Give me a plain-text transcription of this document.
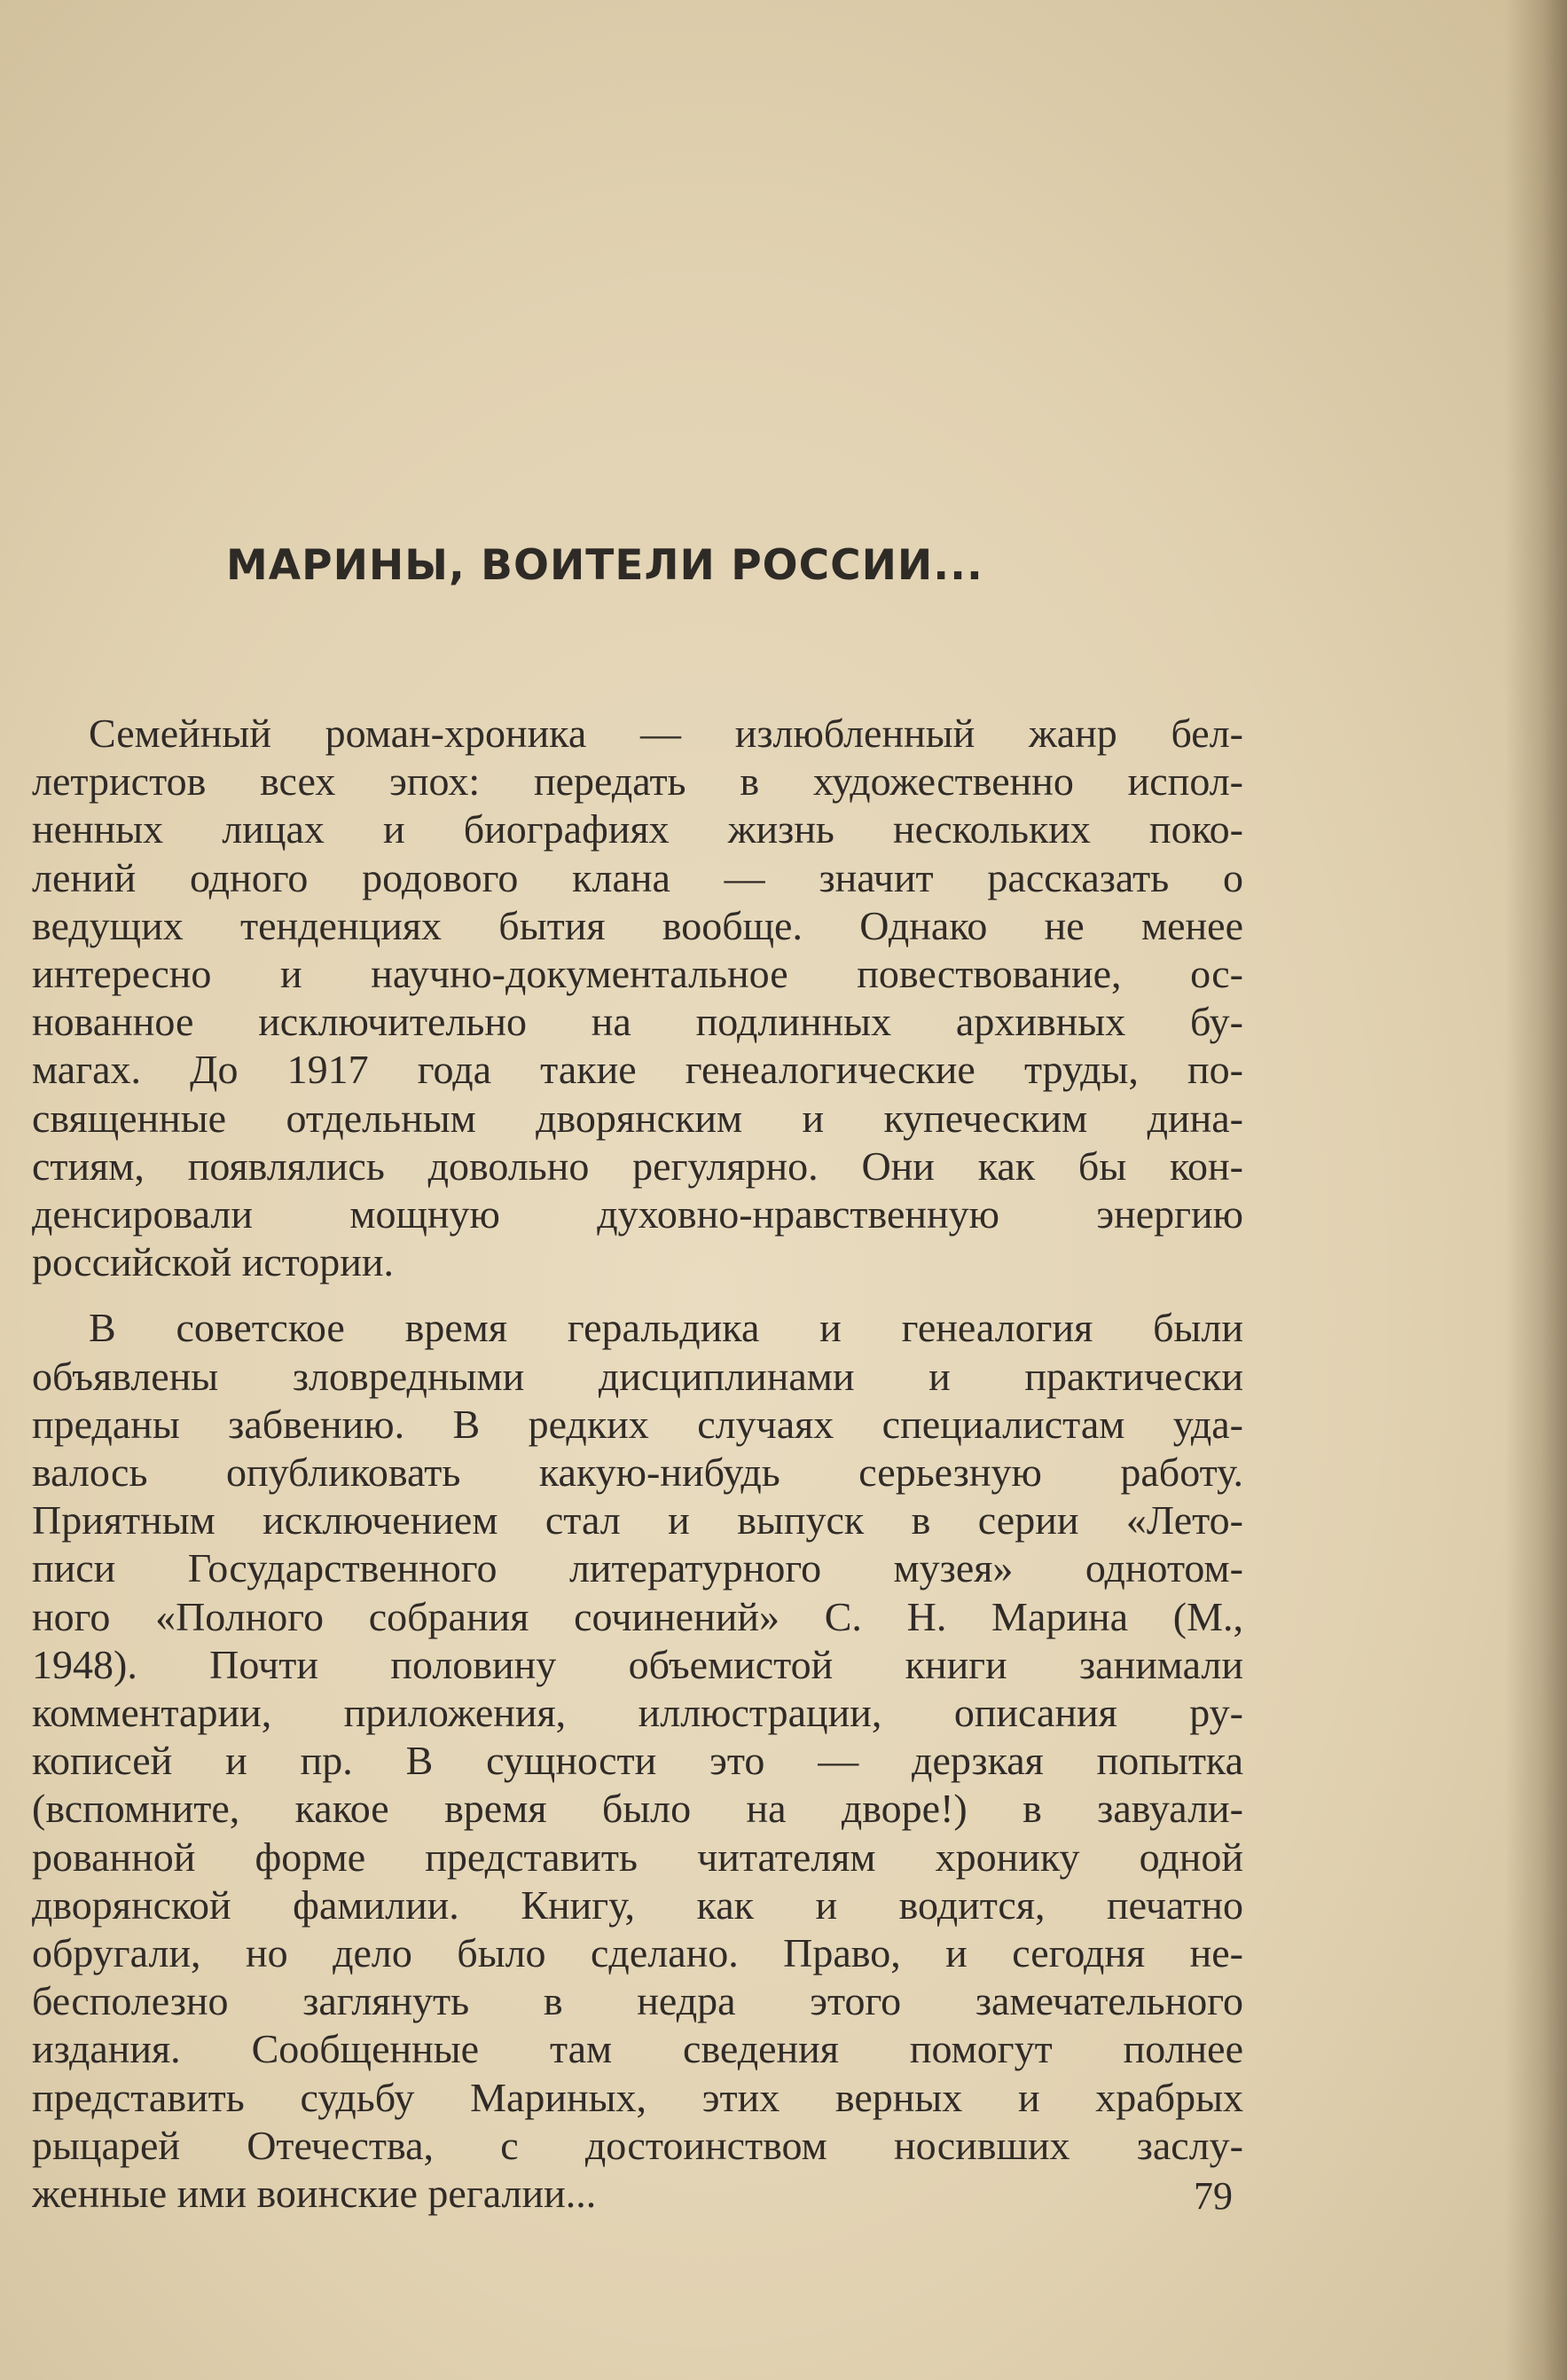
МАРИНЫ, ВОИТЕЛИ РОССИИ...

Семейный роман-хроника — излюбленный жанр бел-
летристов всех эпох: передать в художественно испол-
ненных лицах и биографиях жизнь нескольких поко-
лений одного родового клана — значит рассказать о
ведущих тенденциях бытия вообще. Однако не менее
интересно и научно-документальное повествование, ос-
нованное исключительно на подлинных архивных бу-
магах. До 1917 года такие генеалогические труды, по-
священные отдельным дворянским и купеческим дина-
стиям, появлялись довольно регулярно. Они как бы кон-
денсировали мощную духовно-нравственную энергию
российской истории.

В советское время геральдика и генеалогия были
объявлены зловредными дисциплинами и практически
преданы забвению. В редких случаях специалистам уда-
валось опубликовать какую-нибудь серьезную работу.
Приятным исключением стал и выпуск в серии «Лето-
писи Государственного литературного музея» однотом-
ного «Полного собрания сочинений» С. Н. Марина (М.,
1948). Почти половину объемистой книги занимали
комментарии, приложения, иллюстрации, описания ру-
кописей и пр. В сущности это — дерзкая попытка
(вспомните, какое время было на дворе!) в завуали-
рованной форме представить читателям хронику одной
дворянской фамилии. Книгу, как и водится, печатно
обругали, но дело было сделано. Право, и сегодня не-
бесполезно заглянуть в недра этого замечательного
издания. Сообщенные там сведения помогут полнее
представить судьбу Мариных, этих верных и храбрых
рыцарей Отечества, с достоинством носивших заслу-
женные ими воинские регалии...	79
